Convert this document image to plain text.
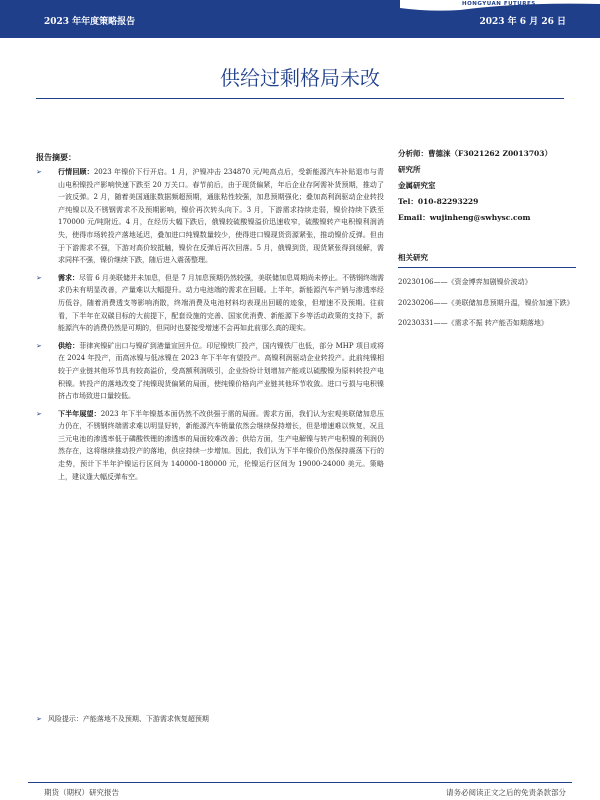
2023 年年度策略报告	2023 年 6 月 26 日
HONGYUAN FUTURES
供给过剩格局未改
报告摘要：
➢ 行情回顾：2023 年镍价下行开启。1 月，沪镍冲击 234870 元/吨高点后，受新能源汽车补贴退市与青山电积镍投产影响快速下跌至 20 万关口。春节前后，由于现货偏紧，年后企业存阿需补货预期，推动了一波反弹。2 月，随着美国通胀数据频超预期，通胀粘性较强，加息预期强化；叠加高利润驱动企业转投产纯镍以及不锈钢需求不及预期影响，镍价再次转头向下。3 月，下游需求持续走弱，镍价持续下跌至 170000 元/吨附近。4 月，在经历大幅下跌后，俄镍较硫酸镍溢价迅速收窄，硫酸镍转产电积镍利润消失，使得市场转投产落地延迟，叠加进口纯镍数量较少，使得进口镍现货资源紧张，推动镍价反弹。但由于下游需求不强，下游对高价较抵触，镍价在反弹后再次回落。5 月，俄镍到货，现货紧张得到缓解，需求同样不强，镍价继续下跌，随后进入震荡整理。
➢ 需求：尽管 6 月美联储并未加息，但是 7 月加息预期仍然较强，美联储加息周期尚未停止。不锈钢终端需求仍未有明显改善，产量难以大幅提升。动力电池端的需求在回暖。上半年，新能源汽车产销与渗透率经历低谷，随着消费透支等影响消散，终端消费及电池材料均表现出回暖的迹象，但增速不及预期。往前看，下半年在双碳目标的大前提下，配套设施的完善、国家优消费、新能源下乡等活动政策的支持下，新能源汽车的消费仍然是可期的，但同时也要接受增速不会再如此前那么高的现实。
➢ 供给：菲律宾镍矿出口与镍矿到港量宣回升位。印尼镍铁厂投产，国内镍铁厂也低，部分 MHP 项目或将在 2024 年投产，而高冰镍与低冰镍在 2023 年下半年有望投产。高镍利润驱动企业转投产。此前纯镍相较于产业链其他环节具有较高溢价，受高额利润吸引，企业纷纷计划增加产能或以硫酸镍为原料转投产电积镍。转投产的落地改变了纯镍现货偏紧的局面，使纯镍价格向产业链其他环节收敛。进口亏损与电积镍挤占市场致进口量较低。
➢ 下半年展望：2023 年下半年镍基本面仍然不改供强于需的局面。需求方面，我们认为宏观美联储加息压力仍在，不锈钢终端需求难以明显好转，新能源汽车销量依然会继续保持增长，但是增速难以恢复，况且三元电池的渗透率低于磷酸铁锂的渗透率的局面较难改善；供给方面，生产电解镍与转产电积镍的利润仍然存在，这将继续推动投产的落地，供应持续一步增加。因此，我们认为下半年镍价仍然保持震荡下行的走势，预计下半年沪镍运行区间为 140000-180000 元，伦镍运行区间为 19000-24000 美元。策略上，建议逢大幅反弹布空。
➢ 风险提示：产能落地不及预期、下游需求恢复超预期
分析师：曹德涞（F3021262 Z0013703）
研究所
金属研究室
Tel：010-82293229
Email：wujinheng@swhysc.com
相关研究
20230106——《资金博弈加剧镍价波动》
20230206——《美联储加息预期升温，镍价加速下跌》
20230331——《需求不振 转产能否如期落地》
期货（期权）研究报告	请务必阅读正文之后的免责条款部分
